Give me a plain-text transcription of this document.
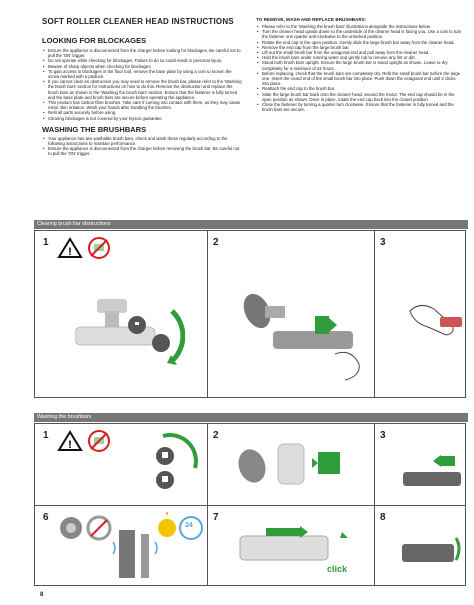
SOFT ROLLER CLEANER HEAD INSTRUCTIONS
LOOKING FOR BLOCKAGES
• Ensure the appliance is disconnected from the charger before looking for blockages. Be careful not to pull the 'ON' trigger.
• Do not operate while checking for blockages. Failure to do so could result in personal injury.
• Beware of sharp objects when checking for blockages.
• To gain access to blockages in the floor tool, remove the base plate by using a coin to loosen the screw marked with a padlock.
• If you cannot clear an obstruction you may need to remove the brush bar, please refer to the 'Washing the brush bars' section for instructions on how to do this. Remove the obstruction and replace the brush bars as shown in the 'Washing the brush bars' section. Ensure that the fastener is fully turned and the base plate and brush bars are secure before operating the appliance.
• This product has carbon fibre brushes. Take care if coming into contact with them, as they may cause minor skin irritation. Wash your hands after handling the brushes.
• Refit all parts securely before using.
• Clearing blockages is not covered by your Dyson guarantee.
WASHING THE BRUSHBARS
• Your appliance has two washable brush bars, check and wash these regularly according to the following instructions to maintain performance.
• Ensure the appliance is disconnected from the charger before removing the brush bar. Be careful not to pull the 'ON' trigger.
TO REMOVE, WASH AND REPLACE BRUSHBARS:
• Please refer to the 'Washing the brush bars' illustrations alongside the instructions below.
• Turn the cleaner head upside down so the underside of the cleaner head is facing you. Use a coin to turn the fastener one quarter anti-clockwise to the unlocked position.
• Rotate the end cap to the open position. Gently slide the large brush bar away from the cleaner head.
• Remove the end cap from the large brush bar.
• Lift out the small brush bar from the octagonal end and pull away from the cleaner head.
• Hold the brush bars under running water and gently rub to remove any lint or dirt.
• Stand both brush bars upright. Ensure the large brush bar is stood upright as shown. Leave to dry completely for a minimum of 24 hours.
• Before replacing, check that the brush bars are completely dry. Refit the small brush bar before the large one. Insert the round end of the small brush bar into place. Push down the octagonal end until 2 clicks into place.
• Reattach the end cap to the brush bar.
• Slide the large brush bar back onto the cleaner head, around the motor. The end cap should be in the open position as shown. Once in place, rotate the end cap back into the closed position.
• Close the fastener by turning a quarter turn clockwise. Ensure that the fastener is fully turned and the brush bars are secure.
Clearing brush bar obstructions
1	2	3
!
Washing the brushbars
1	2	3
6	7	8
!
24
click
8
